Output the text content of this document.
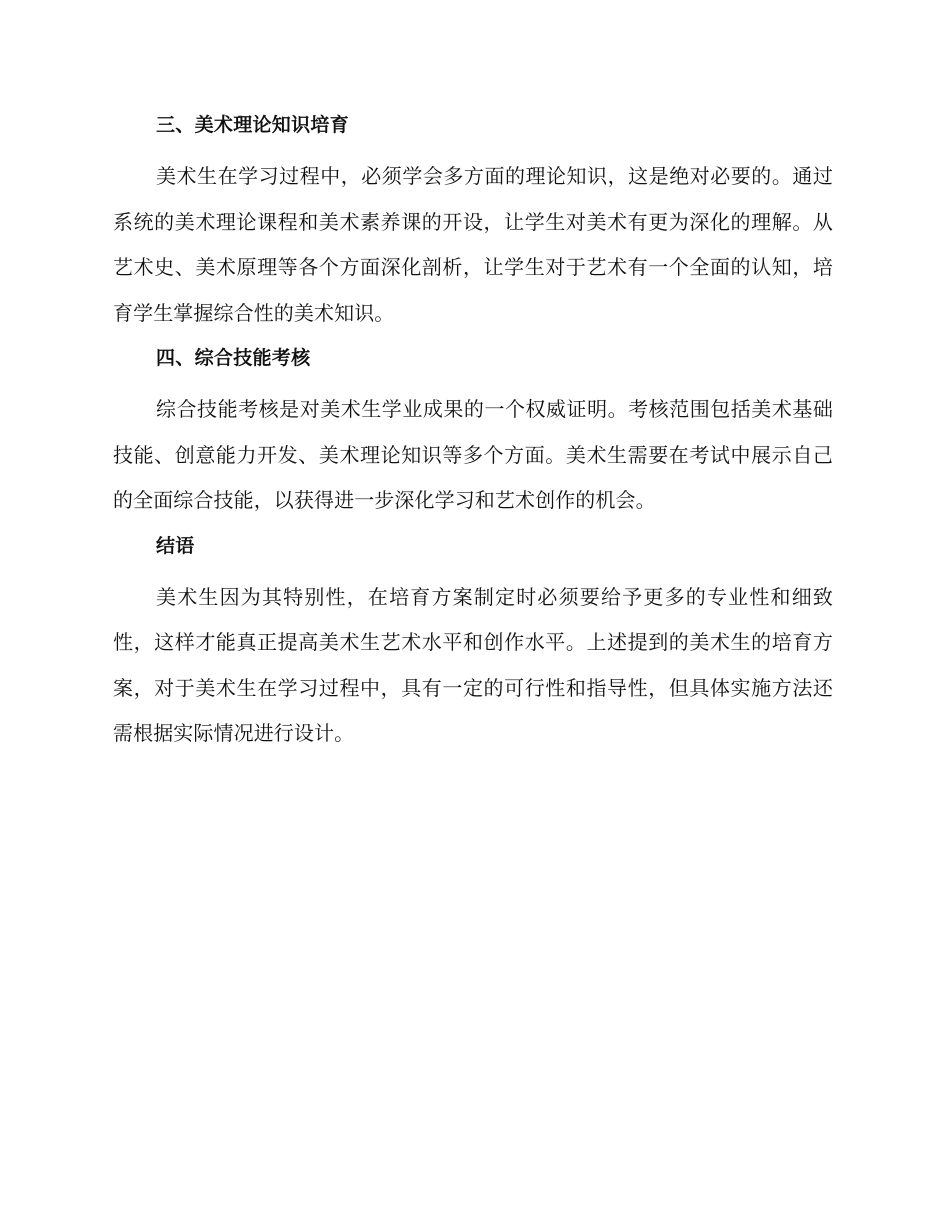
三、美术理论知识培育

美术生在学习过程中，必须学会多方面的理论知识，这是绝对必要的。通过系统的美术理论课程和美术素养课的开设，让学生对美术有更为深化的理解。从艺术史、美术原理等各个方面深化剖析，让学生对于艺术有一个全面的认知，培育学生掌握综合性的美术知识。

四、综合技能考核

综合技能考核是对美术生学业成果的一个权威证明。考核范围包括美术基础技能、创意能力开发、美术理论知识等多个方面。美术生需要在考试中展示自己的全面综合技能，以获得进一步深化学习和艺术创作的机会。

结语

美术生因为其特别性，在培育方案制定时必须要给予更多的专业性和细致性，这样才能真正提高美术生艺术水平和创作水平。上述提到的美术生的培育方案，对于美术生在学习过程中，具有一定的可行性和指导性，但具体实施方法还需根据实际情况进行设计。
